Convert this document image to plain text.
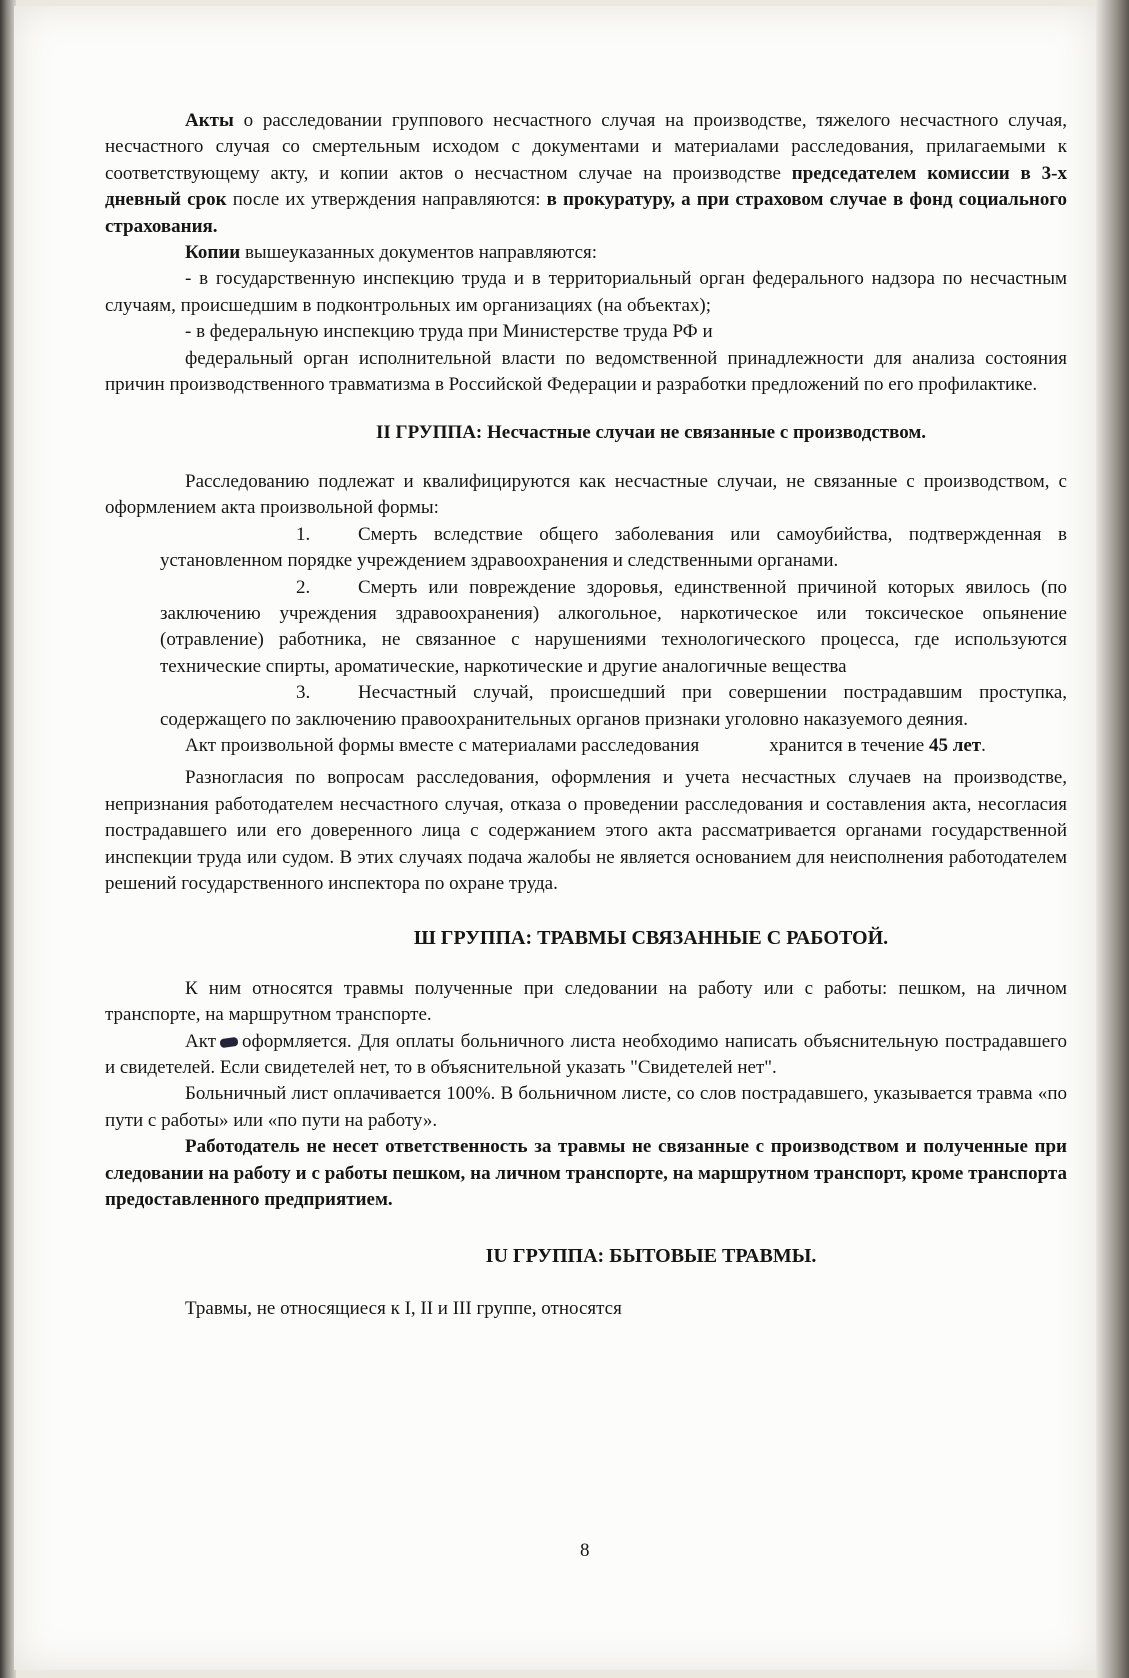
Акты о расследовании группового несчастного случая на производстве, тяжелого несчастного случая, несчастного случая со смертельным исходом с документами и материалами расследования, прилагаемыми к соответствующему акту, и копии актов о несчастном случае на производстве председателем комиссии в 3-х дневный срок после их утверждения направляются: в прокуратуру, а при страховом случае в фонд социального страхования.

Копии вышеуказанных документов направляются:

- в государственную инспекцию труда и в территориальный орган федерального надзора по несчастным случаям, происшедшим в подконтрольных им организациях (на объектах);

- в федеральную инспекцию труда при Министерстве труда РФ и

федеральный орган исполнительной власти по ведомственной принадлежности для анализа состояния причин производственного травматизма в Российской Федерации и разработки предложений по его профилактике.

II ГРУППА: Несчастные случаи не связанные с производством.

Расследованию подлежат и квалифицируются как несчастные случаи, не связанные с производством, с оформлением акта произвольной формы:

1.	Смерть вследствие общего заболевания или самоубийства, подтвержденная в установленном порядке учреждением здравоохранения и следственными органами.

2.	Смерть или повреждение здоровья, единственной причиной которых явилось (по заключению учреждения здравоохранения) алкогольное, наркотическое или токсическое опьянение (отравление) работника, не связанное с нарушениями технологического процесса, где используются технические спирты, ароматические, наркотические и другие аналогичные вещества

3.	Несчастный случай, происшедший при совершении пострадавшим проступка, содержащего по заключению правоохранительных органов признаки уголовно наказуемого деяния.

Акт произвольной формы вместе с материалами расследования	хранится в течение 45 лет.

Разногласия по вопросам расследования, оформления и учета несчастных случаев на производстве, непризнания работодателем несчастного случая, отказа о проведении расследования и составления акта, несогласия пострадавшего или его доверенного лица с содержанием этого акта рассматривается органами государственной инспекции труда или судом. В этих случаях подача жалобы не является основанием для неисполнения работодателем решений государственного инспектора по охране труда.

Ш ГРУППА: ТРАВМЫ СВЯЗАННЫЕ С РАБОТОЙ.

К ним относятся травмы полученные при следовании на работу или с работы: пешком, на личном транспорте, на маршрутном транспорте.

Акт оформляется. Для оплаты больничного листа необходимо написать объяснительную пострадавшего и свидетелей. Если свидетелей нет, то в объяснительной указать "Свидетелей нет".

Больничный лист оплачивается 100%. В больничном листе, со слов пострадавшего, указывается травма «по пути с работы» или «по пути на работу».

Работодатель не несет ответственность за травмы не связанные с производством и полученные при следовании на работу и с работы пешком, на личном транспорте, на маршрутном транспорт, кроме транспорта предоставленного предприятием.

IU ГРУППА: БЫТОВЫЕ ТРАВМЫ.

Травмы, не относящиеся к I, II и III группе, относятся

8
